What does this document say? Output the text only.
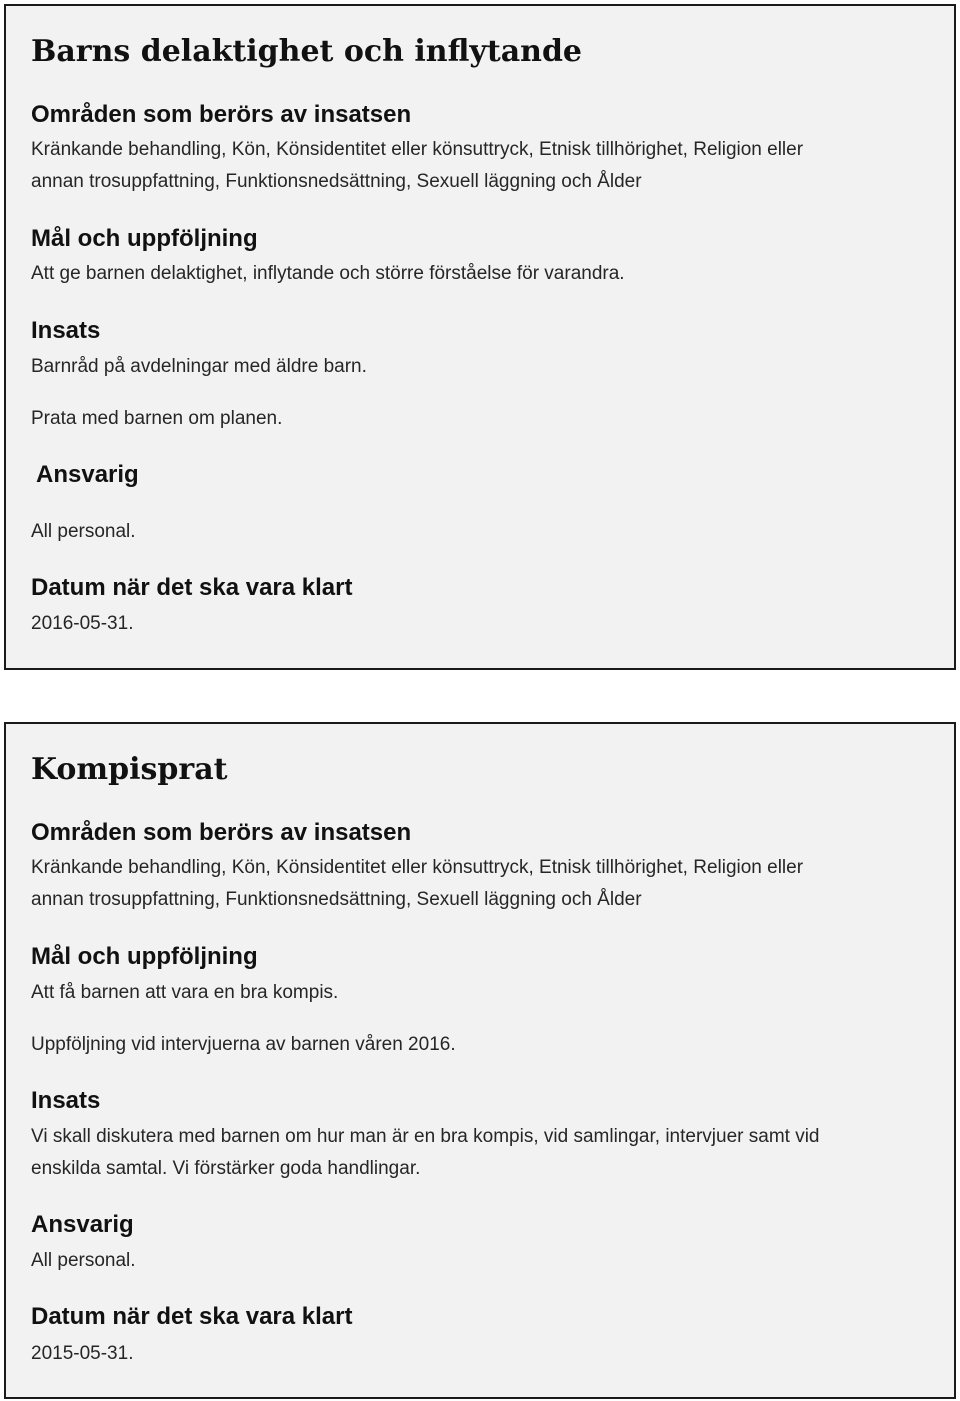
Barns delaktighet och inflytande
Områden som berörs av insatsen

Kränkande behandling, Kön, Könsidentitet eller könsuttryck, Etnisk tillhörighet, Religion eller

annan trosuppfattning, Funktionsnedsättning, Sexuell läggning och Ålder

Mål och uppföljning

Att ge barnen delaktighet, inflytande och större förståelse för varandra.

Insats

Barnråd på avdelningar med äldre barn.

Prata med barnen om planen.

Ansvarig

All personal.

Datum när det ska vara klart

2016-05-31.

Kompisprat
Områden som berörs av insatsen

Kränkande behandling, Kön, Könsidentitet eller könsuttryck, Etnisk tillhörighet, Religion eller

annan trosuppfattning, Funktionsnedsättning, Sexuell läggning och Ålder

Mål och uppföljning

Att få barnen att vara en bra kompis.

Uppföljning vid intervjuerna av barnen våren 2016.

Insats

Vi skall diskutera med barnen om hur man är en bra kompis, vid samlingar, intervjuer samt vid

enskilda samtal. Vi förstärker goda handlingar.

Ansvarig

All personal.

Datum när det ska vara klart

2015-05-31.
